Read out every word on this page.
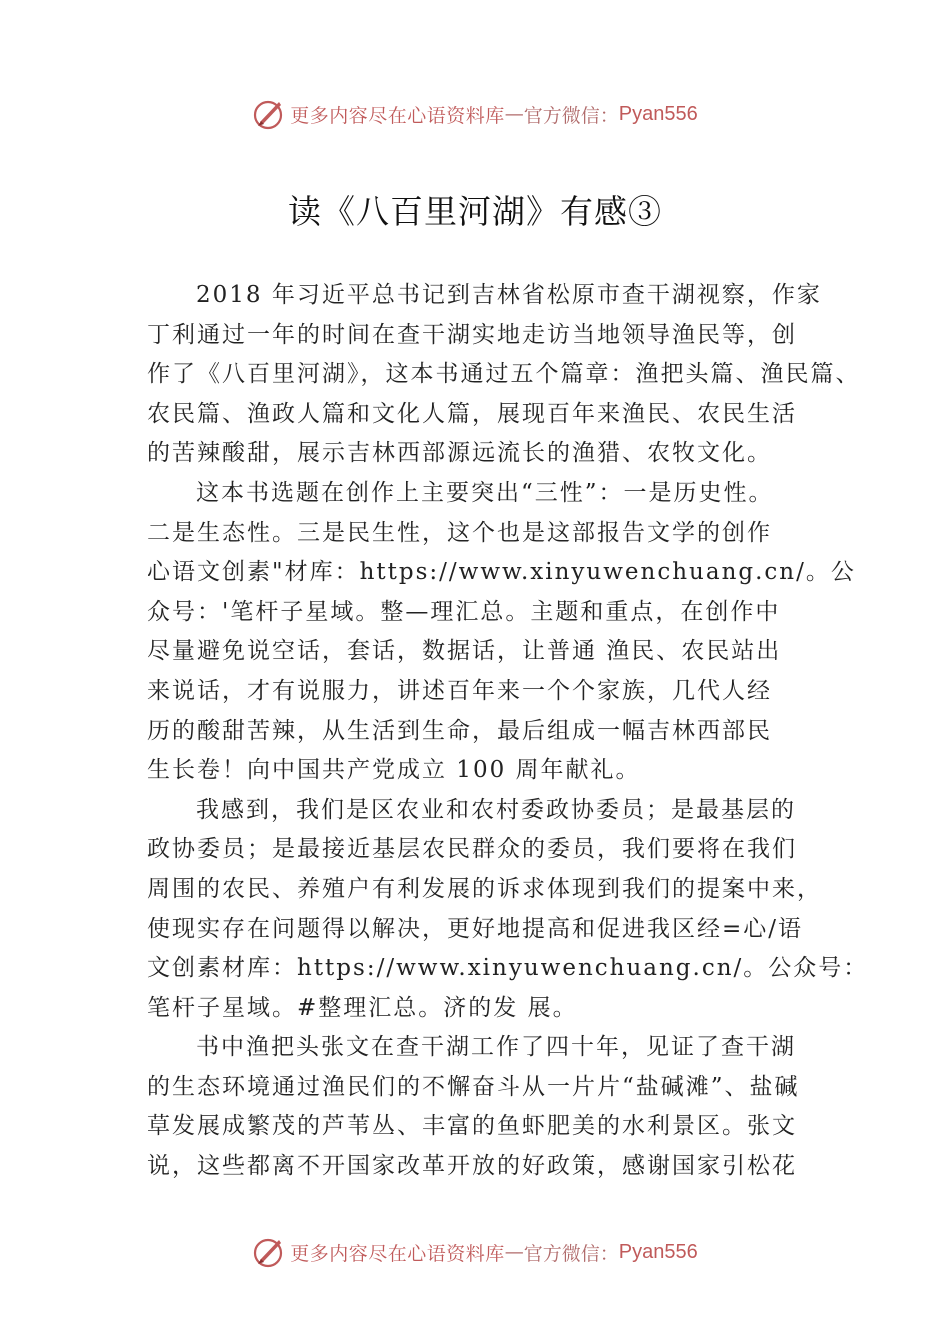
更多内容尽在心语资料库 — 官方微信： Pyan556
读《八百里河湖》有感③
2018 年习近平总书记到吉林省松原市查干湖视察，作家
丁利通过一年的时间在查干湖实地走访当地领导渔民等，创
作了《八百里河湖》，这本书通过五个篇章：渔把头篇、渔民篇、
农民篇、渔政人篇和文化人篇，展现百年来渔民、农民生活
的苦辣酸甜，展示吉林西部源远流长的渔猎、农牧文化。
这本书选题在创作上主要突出“三性”：一是历史性。
二是生态性。三是民生性，这个也是这部报告文学的创作
心语文创素"材库：https://www.xinyuwenchuang.cn/。公
众号：'笔杆子星域。整—理汇总。主题和重点，在创作中
尽量避免说空话，套话，数据话，让普通 渔民、农民站出
来说话，才有说服力，讲述百年来一个个家族，几代人经
历的酸甜苦辣，从生活到生命，最后组成一幅吉林西部民
生长卷！向中国共产党成立 100 周年献礼。
我感到，我们是区农业和农村委政协委员；是最基层的
政协委员；是最接近基层农民群众的委员，我们要将在我们
周围的农民、养殖户有利发展的诉求体现到我们的提案中来，
使现实存在问题得以解决，更好地提高和促进我区经=心/语
文创素材库：https://www.xinyuwenchuang.cn/。公众号：
笔杆子星域。#整理汇总。济的发 展。
书中渔把头张文在查干湖工作了四十年，见证了查干湖
的生态环境通过渔民们的不懈奋斗从一片片“盐碱滩”、盐碱
草发展成繁茂的芦苇丛、丰富的鱼虾肥美的水利景区。张文
说，这些都离不开国家改革开放的好政策，感谢国家引松花
更多内容尽在心语资料库 — 官方微信： Pyan556
